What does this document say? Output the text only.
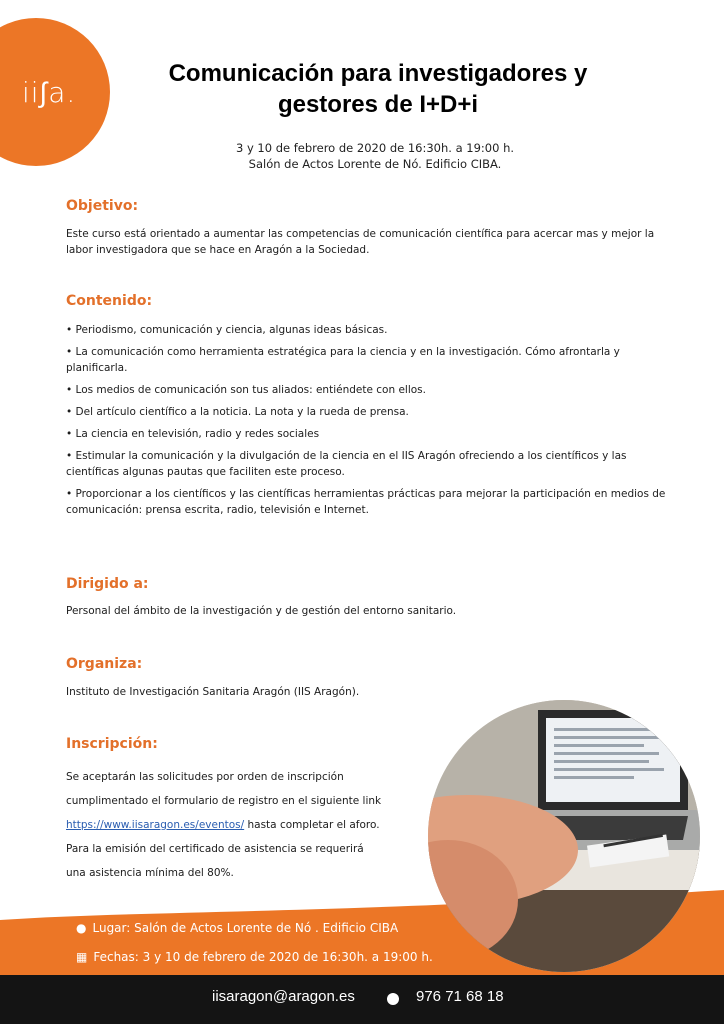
ii∫a.
Comunicación para investigadores y
gestores de I+D+i
3 y 10 de febrero de 2020 de 16:30h. a 19:00 h.
Salón de Actos Lorente de Nó. Edificio CIBA.
Objetivo:
Este curso está orientado a aumentar las competencias de comunicación científica para acercar mas y mejor la labor investigadora que se hace en Aragón a la Sociedad.
Contenido:
• Periodismo, comunicación y ciencia, algunas ideas básicas.
• La comunicación como herramienta estratégica para la ciencia y en la investigación. Cómo afrontarla y planificarla.
• Los medios de comunicación son tus aliados: entiéndete con ellos.
• Del artículo científico a la noticia. La nota y la rueda de prensa.
• La ciencia en televisión, radio y redes sociales
• Estimular la comunicación y la divulgación de la ciencia en el IIS Aragón ofreciendo a los científicos y las científicas algunas pautas que faciliten este proceso.
• Proporcionar a los científicos y las científicas herramientas prácticas para mejorar la participación en medios de comunicación: prensa escrita, radio, televisión e Internet.
Dirigido a:
Personal del ámbito de la investigación y de gestión del entorno sanitario.
Organiza:
Instituto de Investigación Sanitaria Aragón (IIS Aragón).
Inscripción:
Se aceptarán las solicitudes por orden de inscripción
cumplimentado el formulario de registro en el siguiente link
https://www.iisaragon.es/eventos/ hasta completar el aforo.
Para la emisión del certificado de asistencia se requerirá
una asistencia mínima del 80%.
● Lugar: Salón de Actos Lorente de Nó . Edificio CIBA
▦ Fechas: 3 y 10 de febrero de 2020 de 16:30h. a 19:00 h.
iisaragon@aragon.es	976 71 68 18
